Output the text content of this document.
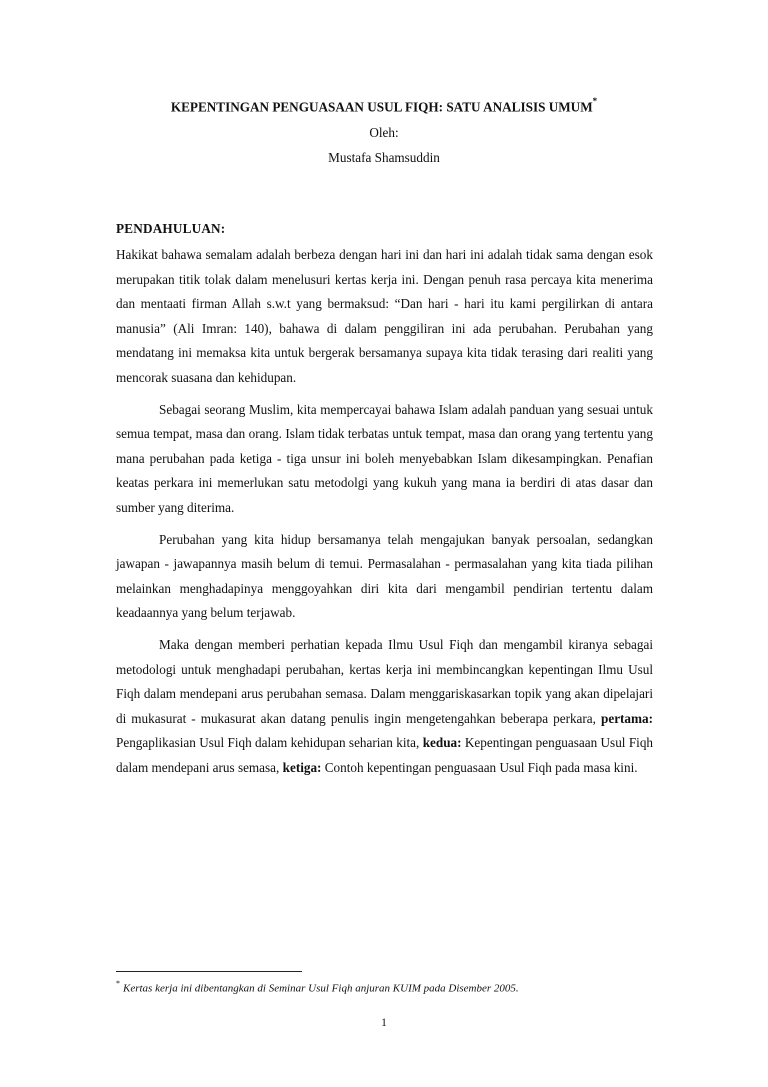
KEPENTINGAN PENGUASAAN USUL FIQH: SATU ANALISIS UMUM*
Oleh:
Mustafa Shamsuddin
PENDAHULUAN:

Hakikat bahawa semalam adalah berbeza dengan hari ini dan hari ini adalah tidak sama dengan esok merupakan titik tolak dalam menelusuri kertas kerja ini. Dengan penuh rasa percaya kita menerima dan mentaati firman Allah s.w.t yang bermaksud: “Dan hari - hari itu kami pergilirkan di antara manusia” (Ali Imran: 140), bahawa di dalam penggiliran ini ada perubahan. Perubahan yang mendatang ini memaksa kita untuk bergerak bersamanya supaya kita tidak terasing dari realiti yang mencorak suasana dan kehidupan.

Sebagai seorang Muslim, kita mempercayai bahawa Islam adalah panduan yang sesuai untuk semua tempat, masa dan orang. Islam tidak terbatas untuk tempat, masa dan orang yang tertentu yang mana perubahan pada ketiga - tiga unsur ini boleh menyebabkan Islam dikesampingkan. Penafian keatas perkara ini memerlukan satu metodolgi yang kukuh yang mana ia berdiri di atas dasar dan sumber yang diterima.

Perubahan yang kita hidup bersamanya telah mengajukan banyak persoalan, sedangkan jawapan - jawapannya masih belum di temui. Permasalahan - permasalahan yang kita tiada pilihan melainkan menghadapinya menggoyahkan diri kita dari mengambil pendirian tertentu dalam keadaannya yang belum terjawab.

Maka dengan memberi perhatian kepada Ilmu Usul Fiqh dan mengambil kiranya sebagai metodologi untuk menghadapi perubahan, kertas kerja ini membincangkan kepentingan Ilmu Usul Fiqh dalam mendepani arus perubahan semasa. Dalam menggariskasarkan topik yang akan dipelajari di mukasurat - mukasurat akan datang penulis ingin mengetengahkan beberapa perkara, pertama: Pengaplikasian Usul Fiqh dalam kehidupan seharian kita, kedua: Kepentingan penguasaan Usul Fiqh dalam mendepani arus semasa, ketiga: Contoh kepentingan penguasaan Usul Fiqh pada masa kini.

* Kertas kerja ini dibentangkan di Seminar Usul Fiqh anjuran KUIM pada Disember 2005.
1
